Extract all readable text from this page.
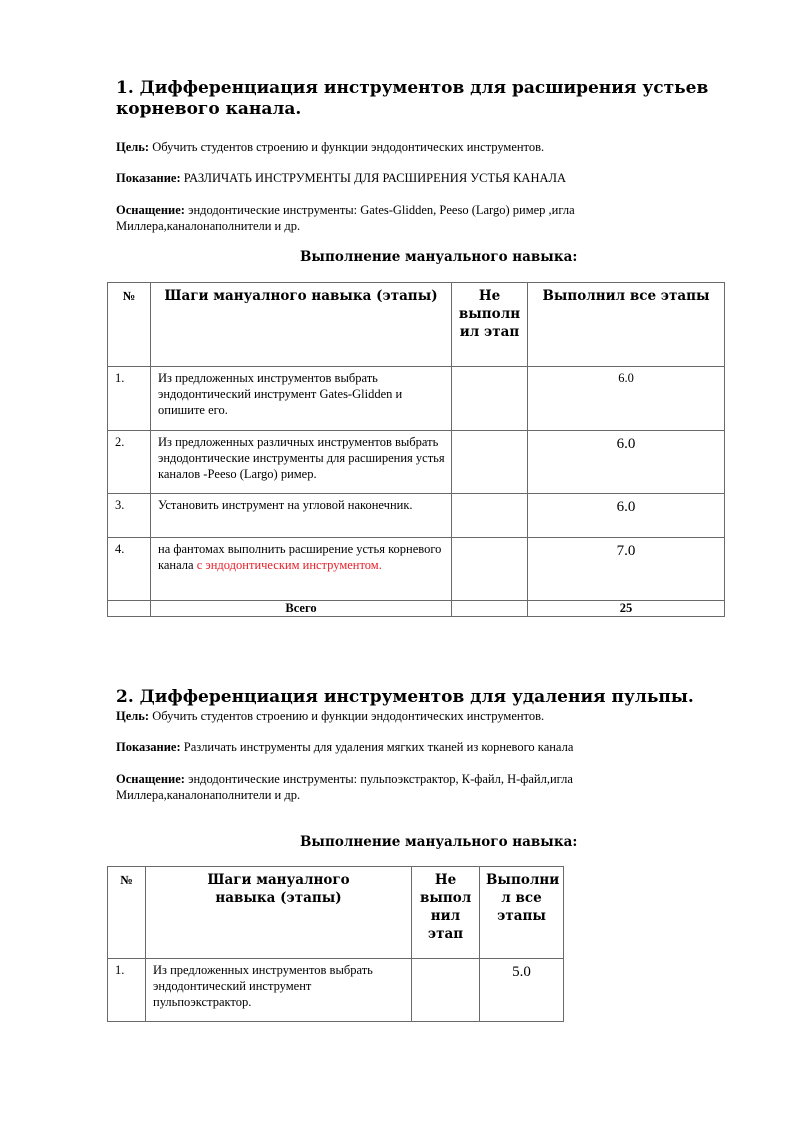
1. Дифференциация инструментов для расширения устьев корневого канала.

Цель: Обучить студентов строению и функции эндодонтических инструментов.

Показание: РАЗЛИЧАТЬ ИНСТРУМЕНТЫ ДЛЯ РАСШИРЕНИЯ УСТЬЯ КАНАЛА

Оснащение: эндодонтические инструменты: Gates-Glidden, Peeso (Largo) ример ,игла Миллера,каналонаполнители и др.

Выполнение мануального навыка:

№	Шаги мануалного навыка (этапы)	Не выполн ил этап	Выполнил все этапы
1.	Из предложенных инструментов выбрать эндодонтический инструмент Gates-Glidden и опишите его.		6.0
2.	Из предложенных различных инструментов выбрать эндодонтические инструменты для расширения устья каналов -Peeso (Largo) ример.		6.0
3.	Установить инструмент на угловой наконечник.		6.0
4.	на фантомах выполнить расширение устья корневого канала с эндодонтическим инструментом.		7.0
	Всего		25
2. Дифференциация инструментов для удаления пульпы.

Цель: Обучить студентов строению и функции эндодонтических инструментов.

Показание: Различать инструменты для удаления мягких тканей из корневого канала

Оснащение: эндодонтические инструменты: пульпоэкстрактор, К-файл, Н-файл,игла Миллера,каналонаполнители и др.

Выполнение мануального навыка:

№	Шаги мануалного навыка (этапы)	Не выпол нил этап	Выполни л все этапы
1.	Из предложенных инструментов выбрать эндодонтический инструмент пульпоэкстрактор.		5.0
